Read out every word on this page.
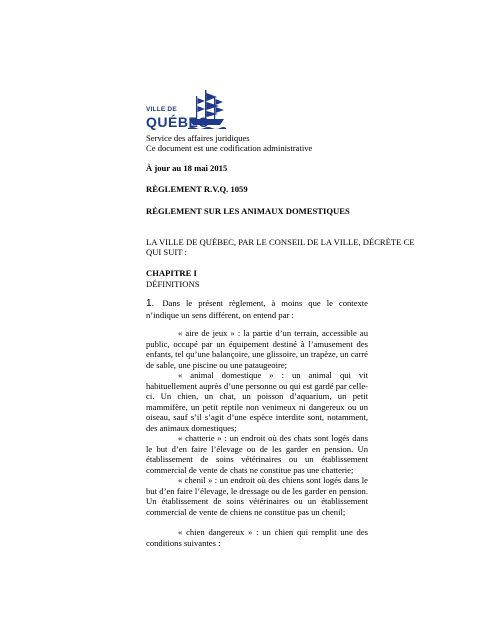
VILLE DE
QUÉBEC
Service des affaires juridiques
Ce document est une codification administrative
À jour au 18 mai 2015
RÈGLEMENT R.V.Q. 1059
RÈGLEMENT SUR LES ANIMAUX DOMESTIQUES
LA VILLE DE QUÉBEC, PAR LE CONSEIL DE LA VILLE, DÉCRÈTE CE
QUI SUIT :
CHAPITRE I
DÉFINITIONS
1. Dans le présent règlement, à moins que le contexte n’indique un sens différent, on entend par :
« aire de jeux » : la partie d’un terrain, accessible au public, occupé par un équipement destiné à l’amusement des enfants, tel qu’une balançoire, une glissoire, un trapèze, un carré de sable, une piscine ou une pataugeoire;
« animal domestique » : un animal qui vit habituellement auprès d’une personne ou qui est gardé par celle-ci. Un chien, un chat, un poisson d’aquarium, un petit mammifère, un petit reptile non venimeux ni dangereux ou un oiseau, sauf s’il s’agit d’une espèce interdite sont, notamment, des animaux domestiques;
« chatterie » : un endroit où des chats sont logés dans le but d’en faire l’élevage ou de les garder en pension. Un établissement de soins vétérinaires ou un établissement commercial de vente de chats ne constitue pas une chatterie;
« chenil » : un endroit où des chiens sont logés dans le but d’en faire l’élevage, le dressage ou de les garder en pension. Un établissement de soins vétérinaires ou un établissement commercial de vente de chiens ne constitue pas un chenil;
« chien dangereux » : un chien qui remplit une des conditions suivantes :
